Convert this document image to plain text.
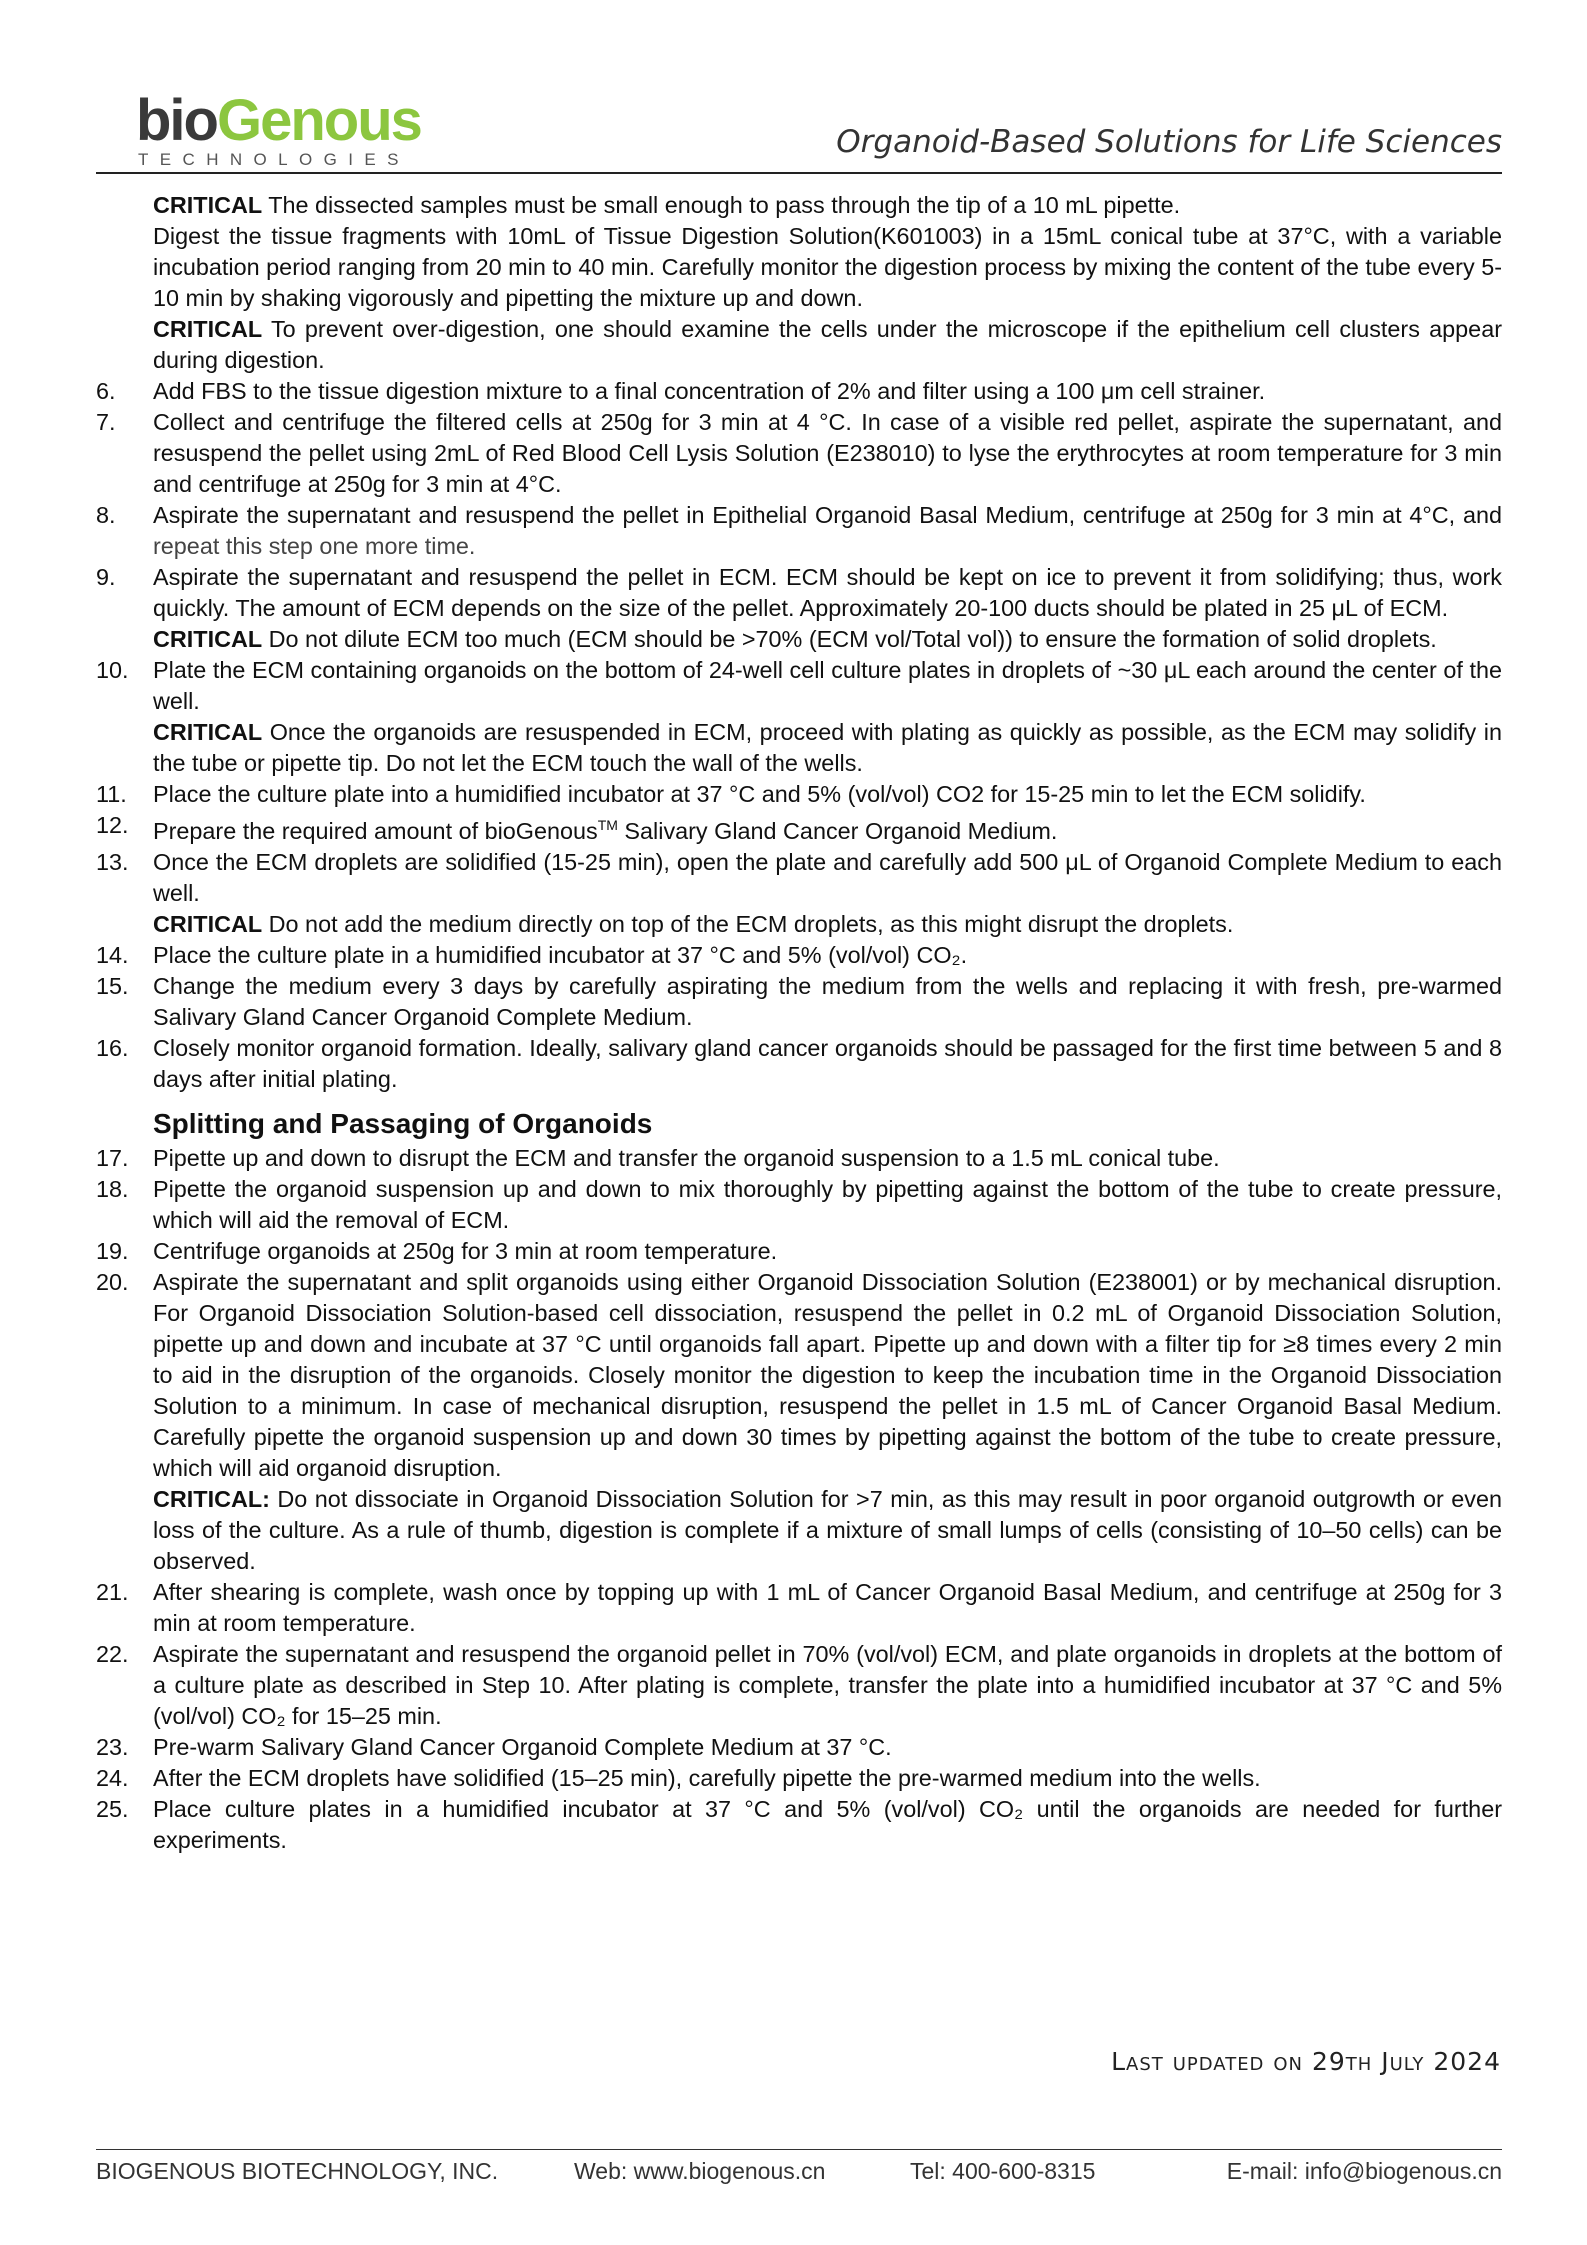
bioGenous
TECHNOLOGIES	Organoid-Based Solutions for Life Sciences

CRITICAL The dissected samples must be small enough to pass through the tip of a 10 mL pipette.

Digest the tissue fragments with 10mL of Tissue Digestion Solution(K601003) in a 15mL conical tube at 37°C, with a variable incubation period ranging from 20 min to 40 min. Carefully monitor the digestion process by mixing the content of the tube every 5-10 min by shaking vigorously and pipetting the mixture up and down.

CRITICAL To prevent over-digestion, one should examine the cells under the microscope if the epithelium cell clusters appear during digestion.

6. Add FBS to the tissue digestion mixture to a final concentration of 2% and filter using a 100 μm cell strainer.
7. Collect and centrifuge the filtered cells at 250g for 3 min at 4 °C. In case of a visible red pellet, aspirate the supernatant, and resuspend the pellet using 2mL of Red Blood Cell Lysis Solution (E238010) to lyse the erythrocytes at room temperature for 3 min and centrifuge at 250g for 3 min at 4°C.
8. Aspirate the supernatant and resuspend the pellet in Epithelial Organoid Basal Medium, centrifuge at 250g for 3 min at 4°C, and repeat this step one more time.
9. Aspirate the supernatant and resuspend the pellet in ECM. ECM should be kept on ice to prevent it from solidifying; thus, work quickly. The amount of ECM depends on the size of the pellet. Approximately 20-100 ducts should be plated in 25 μL of ECM.

CRITICAL Do not dilute ECM too much (ECM should be >70% (ECM vol/Total vol)) to ensure the formation of solid droplets.

10. Plate the ECM containing organoids on the bottom of 24-well cell culture plates in droplets of ~30 μL each around the center of the well.

CRITICAL Once the organoids are resuspended in ECM, proceed with plating as quickly as possible, as the ECM may solidify in the tube or pipette tip. Do not let the ECM touch the wall of the wells.

11. Place the culture plate into a humidified incubator at 37 °C and 5% (vol/vol) CO2 for 15-25 min to let the ECM solidify.
12. Prepare the required amount of bioGenous™ Salivary Gland Cancer Organoid Medium.
13. Once the ECM droplets are solidified (15-25 min), open the plate and carefully add 500 μL of Organoid Complete Medium to each well.

CRITICAL Do not add the medium directly on top of the ECM droplets, as this might disrupt the droplets.

14. Place the culture plate in a humidified incubator at 37 °C and 5% (vol/vol) CO₂.
15. Change the medium every 3 days by carefully aspirating the medium from the wells and replacing it with fresh, pre-warmed Salivary Gland Cancer Organoid Complete Medium.
16. Closely monitor organoid formation. Ideally, salivary gland cancer organoids should be passaged for the first time between 5 and 8 days after initial plating.
Splitting and Passaging of Organoids
17. Pipette up and down to disrupt the ECM and transfer the organoid suspension to a 1.5 mL conical tube.
18. Pipette the organoid suspension up and down to mix thoroughly by pipetting against the bottom of the tube to create pressure, which will aid the removal of ECM.
19. Centrifuge organoids at 250g for 3 min at room temperature.
20. Aspirate the supernatant and split organoids using either Organoid Dissociation Solution (E238001) or by mechanical disruption. For Organoid Dissociation Solution-based cell dissociation, resuspend the pellet in 0.2 mL of Organoid Dissociation Solution, pipette up and down and incubate at 37 °C until organoids fall apart. Pipette up and down with a filter tip for ≥8 times every 2 min to aid in the disruption of the organoids. Closely monitor the digestion to keep the incubation time in the Organoid Dissociation Solution to a minimum. In case of mechanical disruption, resuspend the pellet in 1.5 mL of Cancer Organoid Basal Medium. Carefully pipette the organoid suspension up and down 30 times by pipetting against the bottom of the tube to create pressure, which will aid organoid disruption.

CRITICAL: Do not dissociate in Organoid Dissociation Solution for >7 min, as this may result in poor organoid outgrowth or even loss of the culture. As a rule of thumb, digestion is complete if a mixture of small lumps of cells (consisting of 10–50 cells) can be observed.

21. After shearing is complete, wash once by topping up with 1 mL of Cancer Organoid Basal Medium, and centrifuge at 250g for 3 min at room temperature.
22. Aspirate the supernatant and resuspend the organoid pellet in 70% (vol/vol) ECM, and plate organoids in droplets at the bottom of a culture plate as described in Step 10. After plating is complete, transfer the plate into a humidified incubator at 37 °C and 5% (vol/vol) CO₂ for 15–25 min.
23. Pre-warm Salivary Gland Cancer Organoid Complete Medium at 37 °C.
24. After the ECM droplets have solidified (15–25 min), carefully pipette the pre-warmed medium into the wells.
25. Place culture plates in a humidified incubator at 37 °C and 5% (vol/vol) CO₂ until the organoids are needed for further experiments.
Last updated on 29th July 2024
BIOGENOUS BIOTECHNOLOGY, INC.	Web: www.biogenous.cn	Tel: 400-600-8315	E-mail: info@biogenous.cn
